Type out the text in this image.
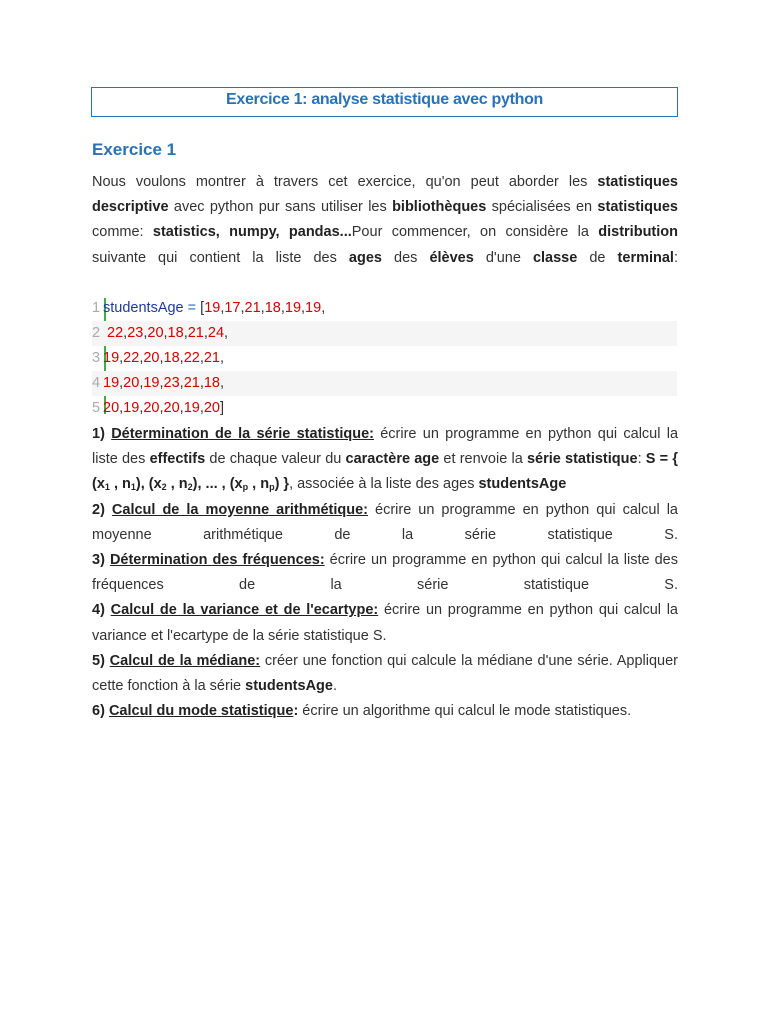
Exercice 1: analyse statistique avec python
Exercice 1

Nous voulons montrer à travers cet exercice, qu'on peut aborder les statistiques descriptive avec python pur sans utiliser les bibliothèques spécialisées en statistiques comme: statistics, numpy, pandas...Pour commencer, on considère la distribution suivante qui contient la liste des ages des élèves d'une classe de terminal:

1 studentsAge = [19,17,21,18,19,19,
2 22,23,20,18,21,24,
3 19,22,20,18,22,21,
4 19,20,19,23,21,18,
5 20,19,20,20,19,20]

1) Détermination de la série statistique: écrire un programme en python qui calcul la liste des effectifs de chaque valeur du caractère age et renvoie la série statistique: S = { ($x_1$ , $n_1$), ($x_2$ , $n_2$), ... , ($x_p$ , $n_p$) }, associée à la liste des ages studentsAge

2) Calcul de la moyenne arithmétique: écrire un programme en python qui calcul la moyenne arithmétique de la série statistique S.

3) Détermination des fréquences: écrire un programme en python qui calcul la liste des fréquences de la série statistique S.

4) Calcul de la variance et de l'ecartype: écrire un programme en python qui calcul la variance et l'ecartype de la série statistique S.

5) Calcul de la médiane: créer une fonction qui calcule la médiane d'une série. Appliquer cette fonction à la série studentsAge.

6) Calcul du mode statistique: écrire un algorithme qui calcul le mode statistiques.
